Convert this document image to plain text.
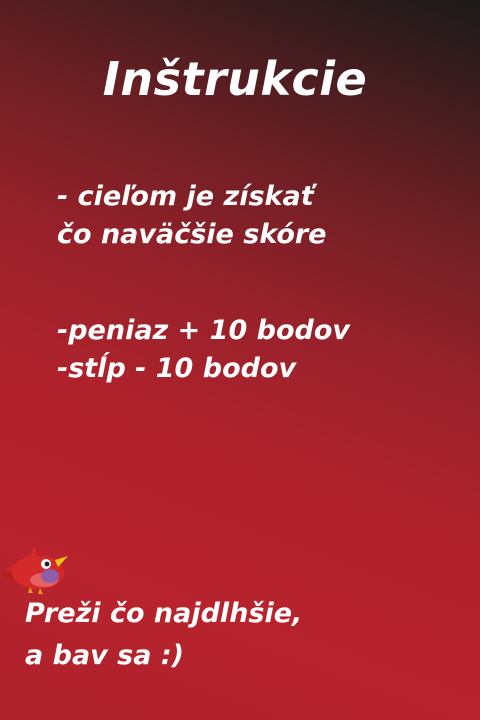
Inštrukcie
- cieľom je získať
čo naväčšie skóre
-peniaz + 10 bodov
-stĺp - 10 bodov
Preži čo najdlhšie,
a bav sa :)
